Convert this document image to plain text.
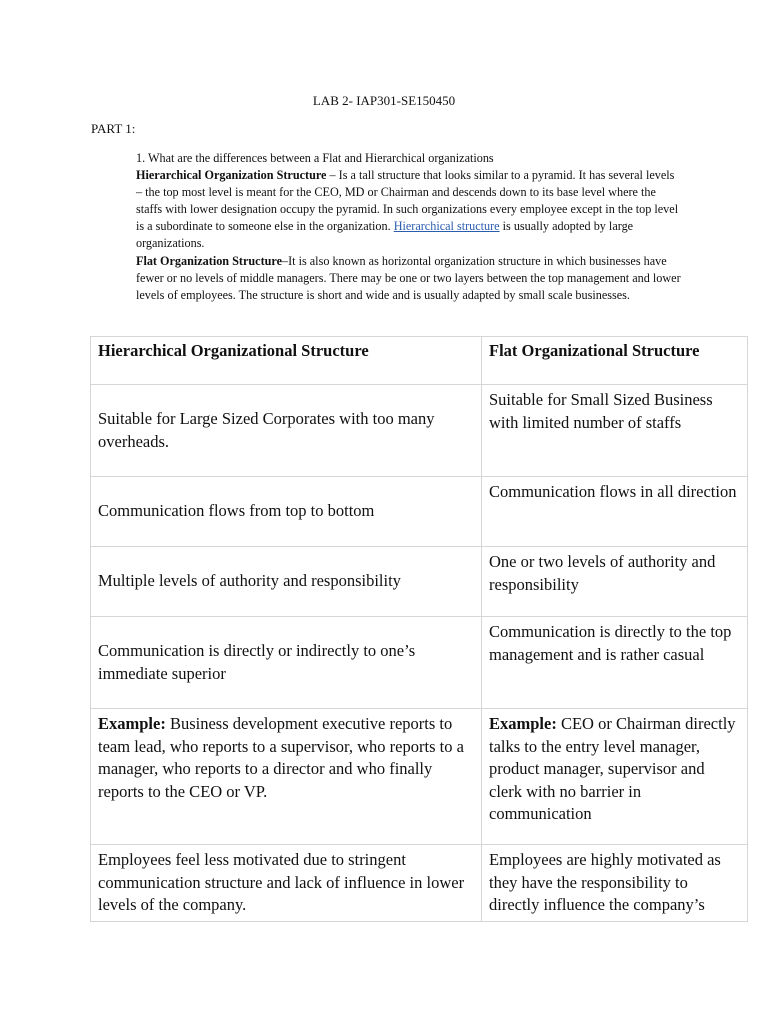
LAB 2- IAP301-SE150450
PART 1:

1. What are the differences between a Flat and Hierarchical organizations

Hierarchical Organization Structure – Is a tall structure that looks similar to a pyramid. It has several levels – the top most level is meant for the CEO, MD or Chairman and descends down to its base level where the staffs with lower designation occupy the pyramid. In such organizations every employee except in the top level is a subordinate to someone else in the organization. Hierarchical structure is usually adopted by large organizations.

Flat Organization Structure–It is also known as horizontal organization structure in which businesses have fewer or no levels of middle managers. There may be one or two layers between the top management and lower levels of employees. The structure is short and wide and is usually adapted by small scale businesses.

Hierarchical Organizational Structure	Flat Organizational Structure
Suitable for Large Sized Corporates with too many overheads.	Suitable for Small Sized Business with limited number of staffs
Communication flows from top to bottom	Communication flows in all direction
Multiple levels of authority and responsibility	One or two levels of authority and responsibility
Communication is directly or indirectly to one’s immediate superior	Communication is directly to the top management and is rather casual
Example: Business development executive reports to team lead, who reports to a supervisor, who reports to a manager, who reports to a director and who finally reports to the CEO or VP.	Example: CEO or Chairman directly talks to the entry level manager, product manager, supervisor and clerk with no barrier in communication
Employees feel less motivated due to stringent communication structure and lack of influence in lower levels of the company.	Employees are highly motivated as they have the responsibility to directly influence the company’s
